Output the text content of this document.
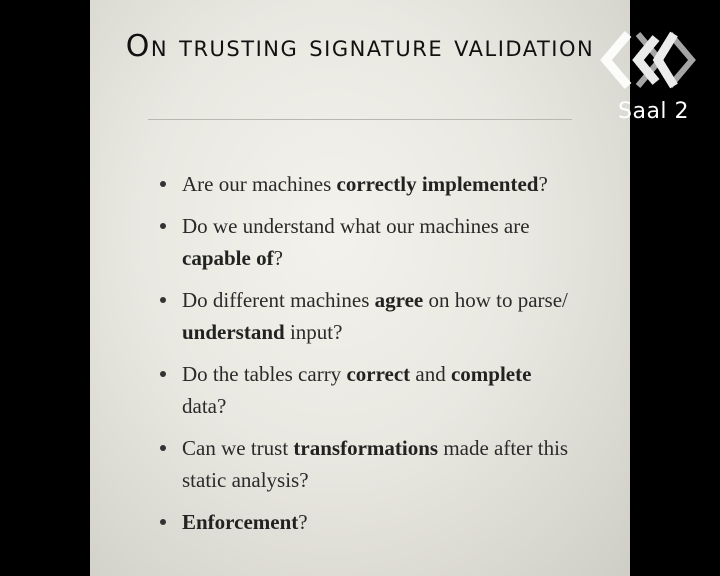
On trusting signature validation
Are our machines correctly implemented?
Do we understand what our machines are capable of?
Do different machines agree on how to parse/ understand input?
Do the tables carry correct and complete data?
Can we trust transformations made after this static analysis?
Enforcement?
Saal 2
